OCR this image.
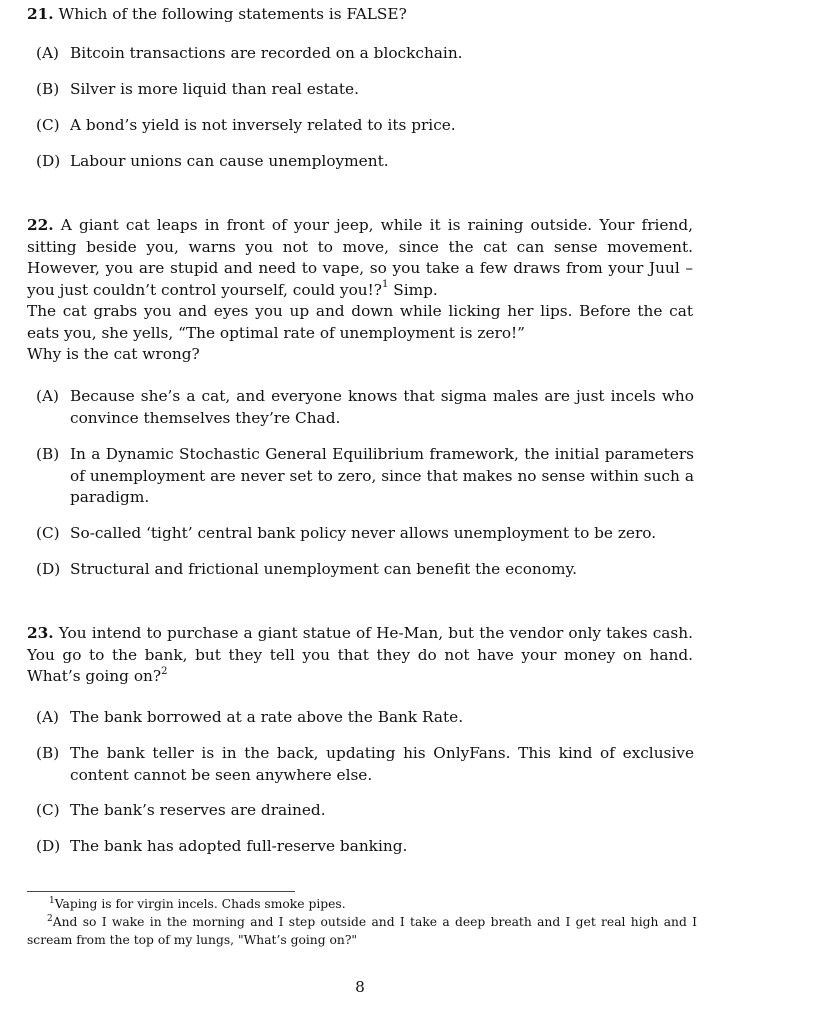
21. Which of the following statements is FALSE?
(A) Bitcoin transactions are recorded on a blockchain.
(B) Silver is more liquid than real estate.
(C) A bond’s yield is not inversely related to its price.
(D) Labour unions can cause unemployment.
22. A giant cat leaps in front of your jeep, while it is raining outside. Your friend, sitting beside you, warns you not to move, since the cat can sense movement. However, you are stupid and need to vape, so you take a few draws from your Juul – you just couldn’t control yourself, could you!?$^1$ Simp.
The cat grabs you and eyes you up and down while licking her lips. Before the cat eats you, she yells, “The optimal rate of unemployment is zero!”
Why is the cat wrong?
(A) Because she’s a cat, and everyone knows that sigma males are just incels who convince themselves they’re Chad.
(B) In a Dynamic Stochastic General Equilibrium framework, the initial parameters of unemployment are never set to zero, since that makes no sense within such a paradigm.
(C) So-called ‘tight’ central bank policy never allows unemployment to be zero.
(D) Structural and frictional unemployment can benefit the economy.
23. You intend to purchase a giant statue of He-Man, but the vendor only takes cash. You go to the bank, but they tell you that they do not have your money on hand. What’s going on?$^2$
(A) The bank borrowed at a rate above the Bank Rate.
(B) The bank teller is in the back, updating his OnlyFans. This kind of exclusive content cannot be seen anywhere else.
(C) The bank’s reserves are drained.
(D) The bank has adopted full-reserve banking.
$^1$Vaping is for virgin incels. Chads smoke pipes.
$^2$And so I wake in the morning and I step outside and I take a deep breath and I get real high and I scream from the top of my lungs, "What’s going on?"
8
